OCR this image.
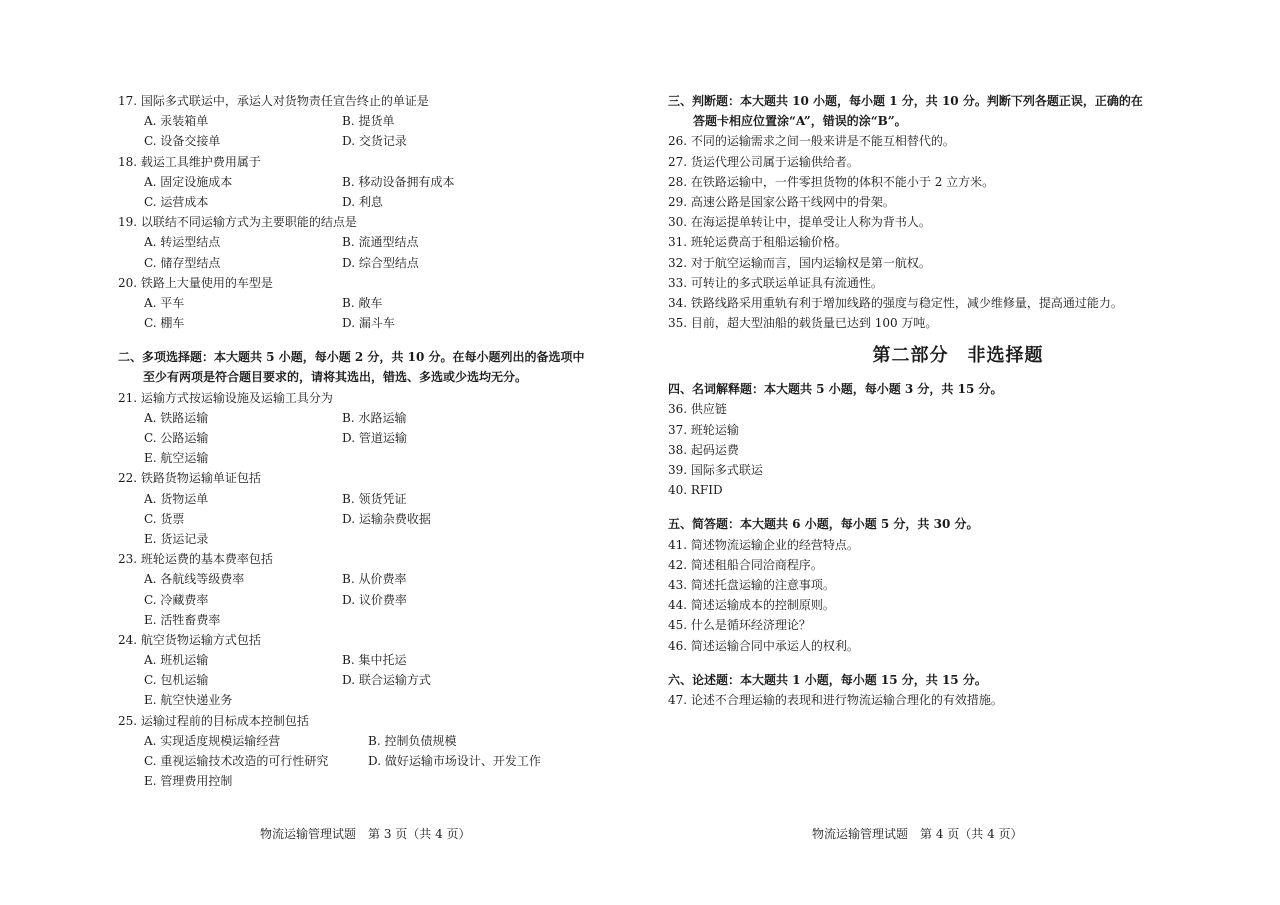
17. 国际多式联运中，承运人对货物责任宣告终止的单证是
A. 汞装箱单	B. 提货单
C. 设备交接单	D. 交货记录
18. 载运工具维护费用属于
A. 固定设施成本	B. 移动设备拥有成本
C. 运营成本	D. 利息
19. 以联结不同运输方式为主要职能的结点是
A. 转运型结点	B. 流通型结点
C. 储存型结点	D. 综合型结点
20. 铁路上大量使用的车型是
A. 平车	B. 敞车
C. 棚车	D. 漏斗车
二、多项选择题：本大题共 5 小题，每小题 2 分，共 10 分。在每小题列出的备选项中
至少有两项是符合题目要求的，请将其选出，错选、多选或少选均无分。
21. 运输方式按运输设施及运输工具分为
A. 铁路运输	B. 水路运输
C. 公路运输	D. 管道运输
E. 航空运输
22. 铁路货物运输单证包括
A. 货物运单	B. 领货凭证
C. 货票	D. 运输杂费收据
E. 货运记录
23. 班轮运费的基本费率包括
A. 各航线等级费率	B. 从价费率
C. 冷藏费率	D. 议价费率
E. 活牲畜费率
24. 航空货物运输方式包括
A. 班机运输	B. 集中托运
C. 包机运输	D. 联合运输方式
E. 航空快递业务
25. 运输过程前的目标成本控制包括
A. 实现适度规模运输经营	B. 控制负债规模
C. 重视运输技术改造的可行性研究	D. 做好运输市场设计、开发工作
E. 管理费用控制
物流运输管理试题　第 3 页（共 4 页）
三、判断题：本大题共 10 小题，每小题 1 分，共 10 分。判断下列各题正误，正确的在
答题卡相应位置涂“A”，错误的涂“B”。
26. 不同的运输需求之间一般来讲是不能互相替代的。
27. 货运代理公司属于运输供给者。
28. 在铁路运输中，一件零担货物的体积不能小于 2 立方米。
29. 高速公路是国家公路干线网中的骨架。
30. 在海运提单转让中，提单受让人称为背书人。
31. 班轮运费高于租船运输价格。
32. 对于航空运输而言，国内运输权是第一航权。
33. 可转让的多式联运单证具有流通性。
34. 铁路线路采用重轨有利于增加线路的强度与稳定性，减少维修量，提高通过能力。
35. 目前，超大型油船的载货量已达到 100 万吨。
第二部分　非选择题
四、名词解释题：本大题共 5 小题，每小题 3 分，共 15 分。
36. 供应链
37. 班轮运输
38. 起码运费
39. 国际多式联运
40. RFID
五、简答题：本大题共 6 小题，每小题 5 分，共 30 分。
41. 简述物流运输企业的经营特点。
42. 简述租船合同洽商程序。
43. 简述托盘运输的注意事项。
44. 简述运输成本的控制原则。
45. 什么是循环经济理论？
46. 简述运输合同中承运人的权利。
六、论述题：本大题共 1 小题，每小题 15 分，共 15 分。
47. 论述不合理运输的表现和进行物流运输合理化的有效措施。
物流运输管理试题　第 4 页（共 4 页）
